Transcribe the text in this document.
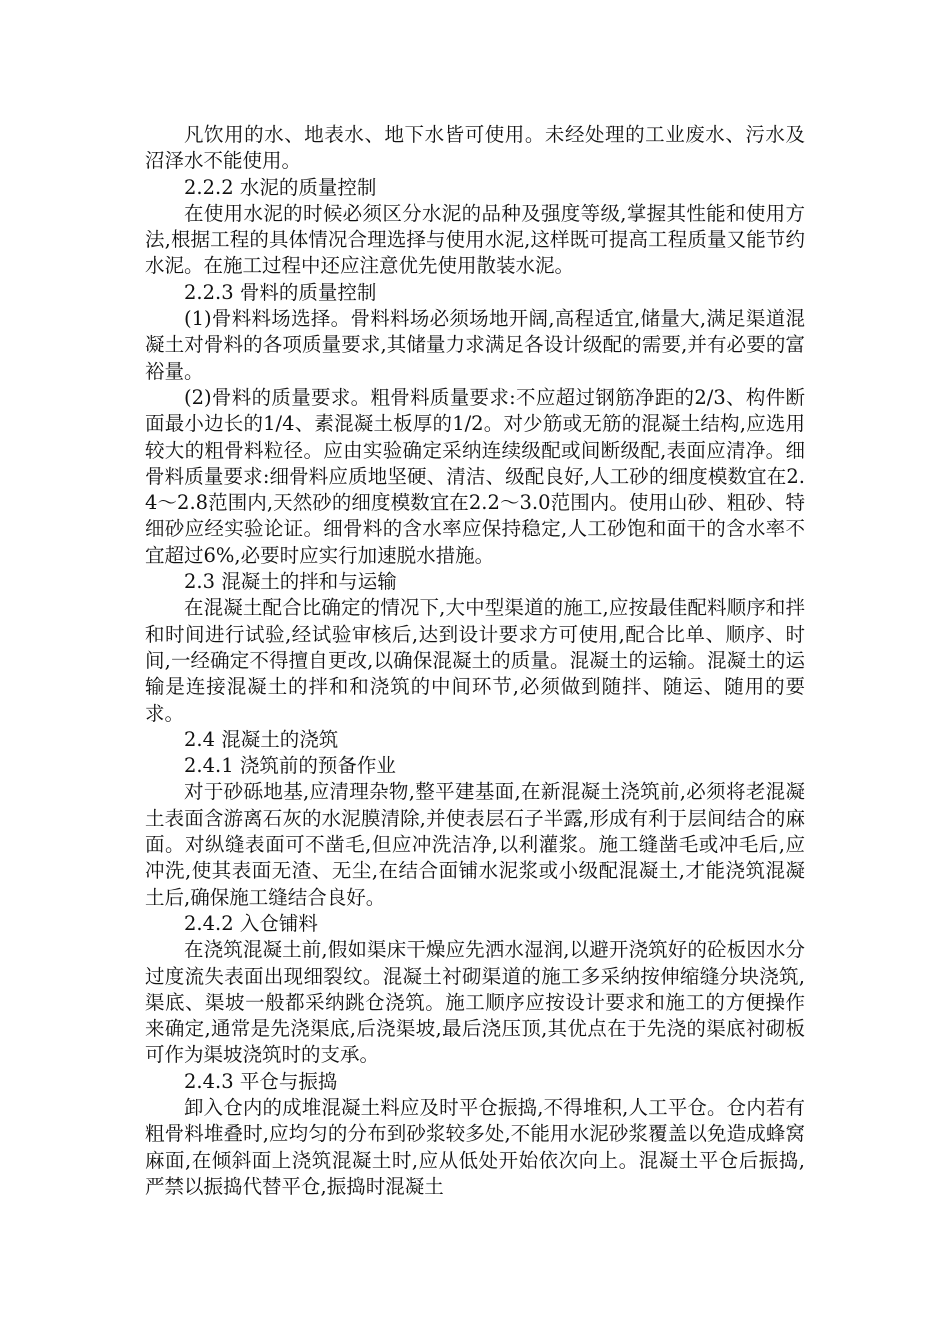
凡饮用的水、地表水、地下水皆可使用。未经处理的工业废水、污水及沼泽水不能使用。

2.2.2 水泥的质量控制

在使用水泥的时候必须区分水泥的品种及强度等级,掌握其性能和使用方法,根据工程的具体情况合理选择与使用水泥,这样既可提高工程质量又能节约水泥。在施工过程中还应注意优先使用散装水泥。

2.2.3 骨料的质量控制

(1)骨料料场选择。骨料料场必须场地开阔,高程适宜,储量大,满足渠道混凝土对骨料的各项质量要求,其储量力求满足各设计级配的需要,并有必要的富裕量。

(2)骨料的质量要求。粗骨料质量要求:不应超过钢筋净距的2/3、构件断面最小边长的1/4、素混凝土板厚的1/2。对少筋或无筋的混凝土结构,应选用较大的粗骨料粒径。应由实验确定采纳连续级配或间断级配,表面应清净。细骨料质量要求:细骨料应质地坚硬、清洁、级配良好,人工砂的细度模数宜在2.4～2.8范围内,天然砂的细度模数宜在2.2～3.0范围内。使用山砂、粗砂、特细砂应经实验论证。细骨料的含水率应保持稳定,人工砂饱和面干的含水率不宜超过6%,必要时应实行加速脱水措施。

2.3 混凝土的拌和与运输

在混凝土配合比确定的情况下,大中型渠道的施工,应按最佳配料顺序和拌和时间进行试验,经试验审核后,达到设计要求方可使用,配合比单、顺序、时间,一经确定不得擅自更改,以确保混凝土的质量。混凝土的运输。混凝土的运输是连接混凝土的拌和和浇筑的中间环节,必须做到随拌、随运、随用的要求。

2.4 混凝土的浇筑

2.4.1 浇筑前的预备作业

对于砂砾地基,应清理杂物,整平建基面,在新混凝土浇筑前,必须将老混凝土表面含游离石灰的水泥膜清除,并使表层石子半露,形成有利于层间结合的麻面。对纵缝表面可不凿毛,但应冲洗洁净,以利灌浆。施工缝凿毛或冲毛后,应冲洗,使其表面无渣、无尘,在结合面铺水泥浆或小级配混凝土,才能浇筑混凝土后,确保施工缝结合良好。

2.4.2 入仓铺料

在浇筑混凝土前,假如渠床干燥应先洒水湿润,以避开浇筑好的砼板因水分过度流失表面出现细裂纹。混凝土衬砌渠道的施工多采纳按伸缩缝分块浇筑,渠底、渠坡一般都采纳跳仓浇筑。施工顺序应按设计要求和施工的方便操作来确定,通常是先浇渠底,后浇渠坡,最后浇压顶,其优点在于先浇的渠底衬砌板可作为渠坡浇筑时的支承。

2.4.3 平仓与振捣

卸入仓内的成堆混凝土料应及时平仓振捣,不得堆积,人工平仓。仓内若有粗骨料堆叠时,应均匀的分布到砂浆较多处,不能用水泥砂浆覆盖以免造成蜂窝麻面,在倾斜面上浇筑混凝土时,应从低处开始依次向上。混凝土平仓后振捣,严禁以振捣代替平仓,振捣时混凝土
